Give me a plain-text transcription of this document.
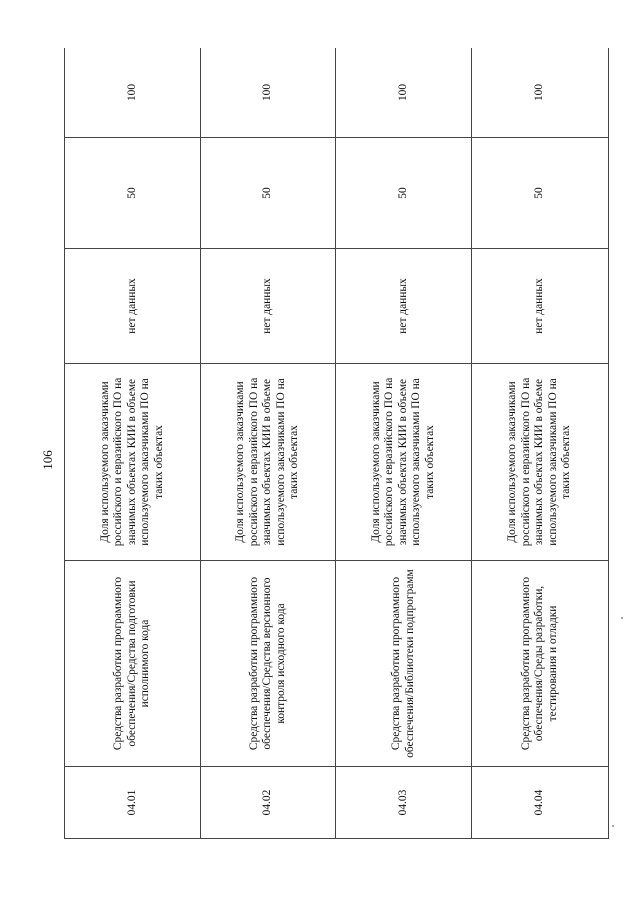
106
04.01	Средства разработки программного обеспечения/Средства подготовки исполнимого кода	Доля используемого заказчиками российского и евразийского ПО на значимых объектах КИИ в объеме используемого заказчиками ПО на таких объектах	нет данных	50	100
04.02	Средства разработки программного обеспечения/Средства версионного контроля исходного кода	Доля используемого заказчиками российского и евразийского ПО на значимых объектах КИИ в объеме используемого заказчиками ПО на таких объектах	нет данных	50	100
04.03	Средства разработки программного обеспечения/Библиотеки подпрограмм	Доля используемого заказчиками российского и евразийского ПО на значимых объектах КИИ в объеме используемого заказчиками ПО на таких объектах	нет данных	50	100
04.04	Средства разработки программного обеспечения/Среды разработки, тестирования и отладки	Доля используемого заказчиками российского и евразийского ПО на значимых объектах КИИ в объеме используемого заказчиками ПО на таких объектах	нет данных	50	100
